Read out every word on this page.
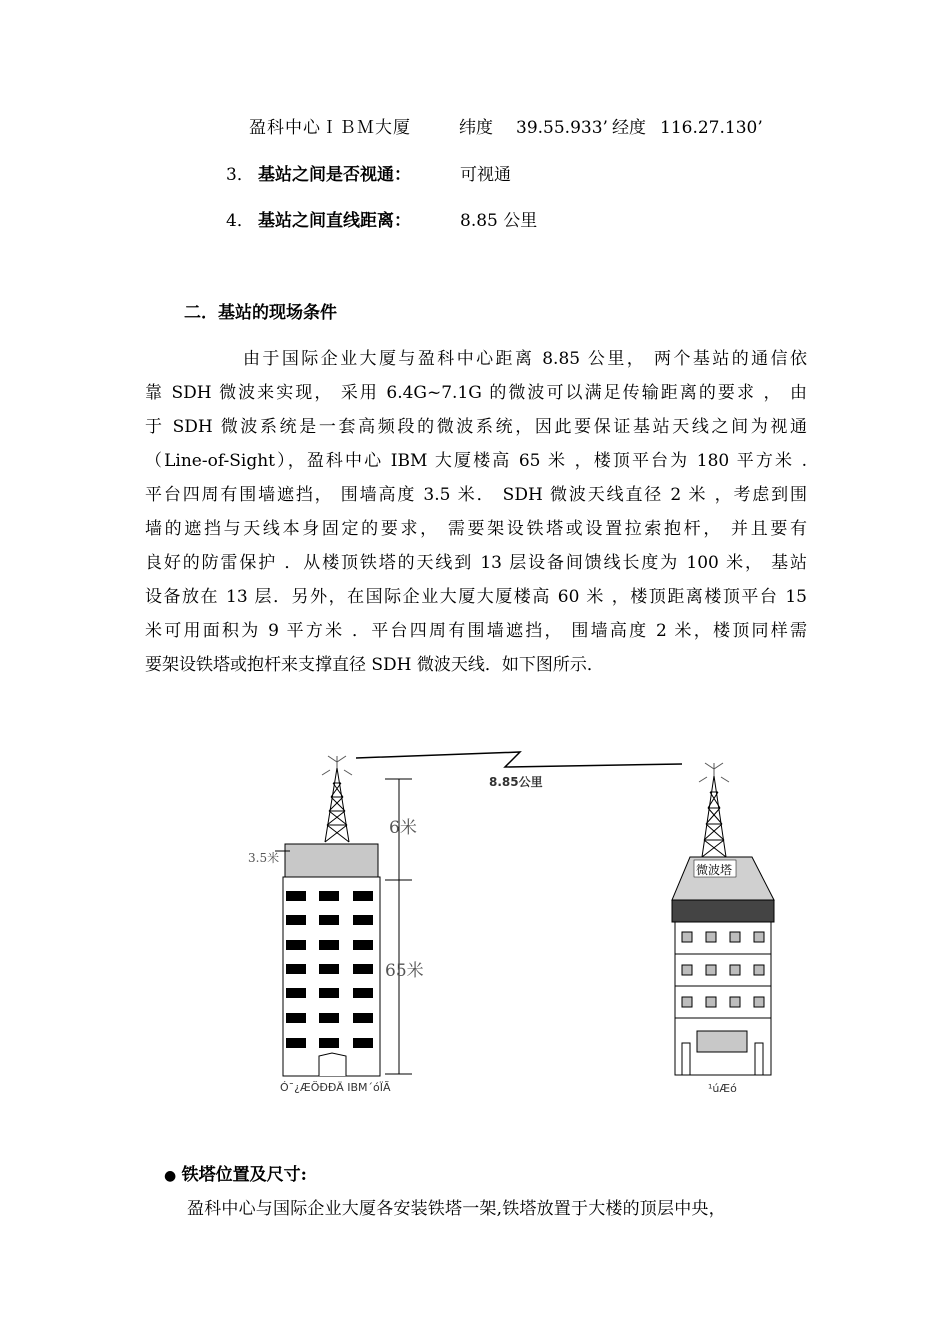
盈科中心ＩＢＭ大厦	纬度 39.55.933’ 经度 116.27.130’
3． 基站之间是否视通：	可视通
4． 基站之间直线距离：	8.85 公里
二．基站的现场条件
由于国际企业大厦与盈科中心距离 8.85 公里， 两个基站的通信依
靠 SDH 微波来实现， 采用 6.4G~7.1G 的微波可以满足传输距离的要求 ， 由
于 SDH 微波系统是一套高频段的微波系统，因此要保证基站天线之间为视通
（Line-of-Sight），盈科中心 IBM 大厦楼高 65 米 ，楼顶平台为 180 平方米 .
平台四周有围墙遮挡， 围墙高度 3.5 米． SDH 微波天线直径 2 米 ，考虑到围
墙的遮挡与天线本身固定的要求， 需要架设铁塔或设置拉索抱杆， 并且要有
良好的防雷保护 ．从楼顶铁塔的天线到 13 层设备间馈线长度为 100 米， 基站
设备放在 13 层．另外，在国际企业大厦大厦楼高 60 米 ，楼顶距离楼顶平台 15
米可用面积为 9 平方米 ．平台四周有围墙遮挡， 围墙高度 2 米，楼顶同样需
要架设铁塔或抱杆来支撑直径 SDH 微波天线．如下图所示．
8.85公里
Ó¯¿ÆÖÐÐÄ IBM´óÏÃ
6米
65米
3.5米
微波塔
¹úÆó
● 铁塔位置及尺寸:
盈科中心与国际企业大厦各安装铁塔一架,铁塔放置于大楼的顶层中央，
